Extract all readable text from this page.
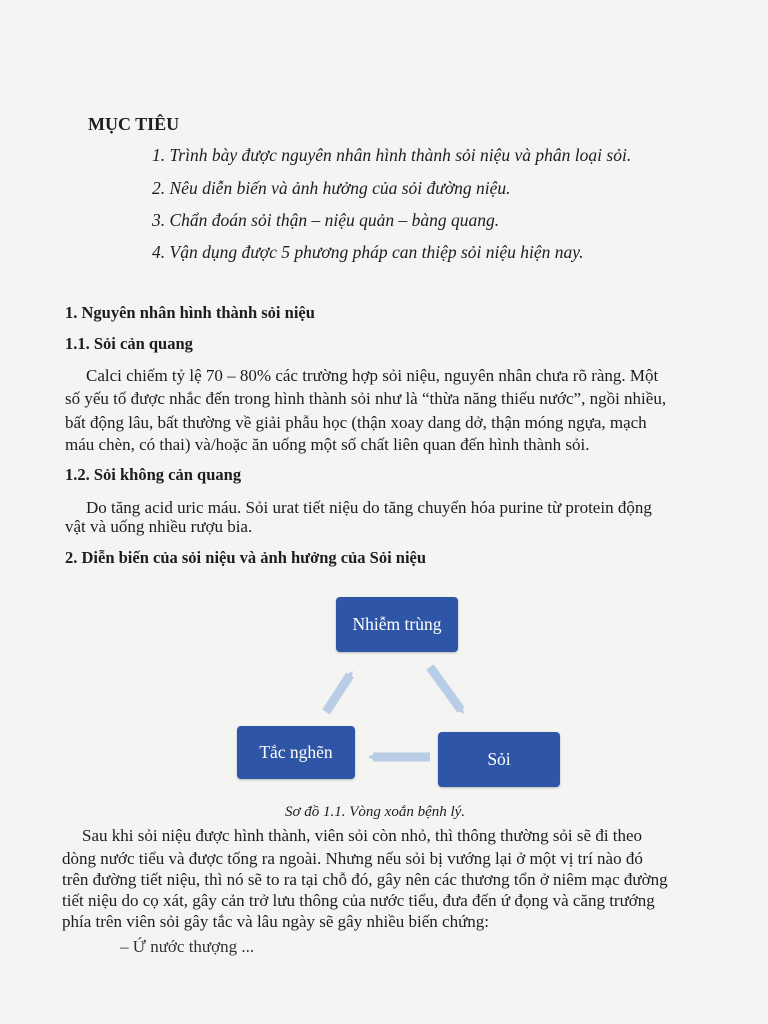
MỤC TIÊU
1. Trình bày được nguyên nhân hình thành sỏi niệu và phân loại sỏi.
2. Nêu diễn biến và ảnh hưởng của sỏi đường niệu.
3. Chẩn đoán sỏi thận – niệu quản – bàng quang.
4. Vận dụng được 5 phương pháp can thiệp sỏi niệu hiện nay.
1. Nguyên nhân hình thành sỏi niệu
1.1. Sỏi cản quang
Calci chiếm tỷ lệ 70 – 80% các trường hợp sỏi niệu, nguyên nhân chưa rõ ràng. Một
số yếu tố được nhắc đến trong hình thành sỏi như là “thừa năng thiếu nước”, ngồi nhiều,
bất động lâu, bất thường về giải phẫu học (thận xoay dang dở, thận móng ngựa, mạch
máu chèn, có thai) và/hoặc ăn uống một số chất liên quan đến hình thành sỏi.
1.2. Sỏi không cản quang
Do tăng acid uric máu. Sỏi urat tiết niệu do tăng chuyển hóa purine từ protein động
vật và uống nhiều rượu bia.
2. Diễn biến của sỏi niệu và ảnh hưởng của Sỏi niệu
Nhiễm trùng
Sỏi
Tắc nghẽn
Sơ đồ 1.1. Vòng xoắn bệnh lý.
Sau khi sỏi niệu được hình thành, viên sỏi còn nhỏ, thì thông thường sỏi sẽ đi theo
dòng nước tiểu và được tống ra ngoài. Nhưng nếu sỏi bị vướng lại ở một vị trí nào đó
trên đường tiết niệu, thì nó sẽ to ra tại chỗ đó, gây nên các thương tổn ở niêm mạc đường
tiết niệu do cọ xát, gây cản trở lưu thông của nước tiểu, đưa đến ứ đọng và căng trướng
phía trên viên sỏi gây tắc và lâu ngày sẽ gây nhiều biến chứng:
– Ứ nước thượng ...
